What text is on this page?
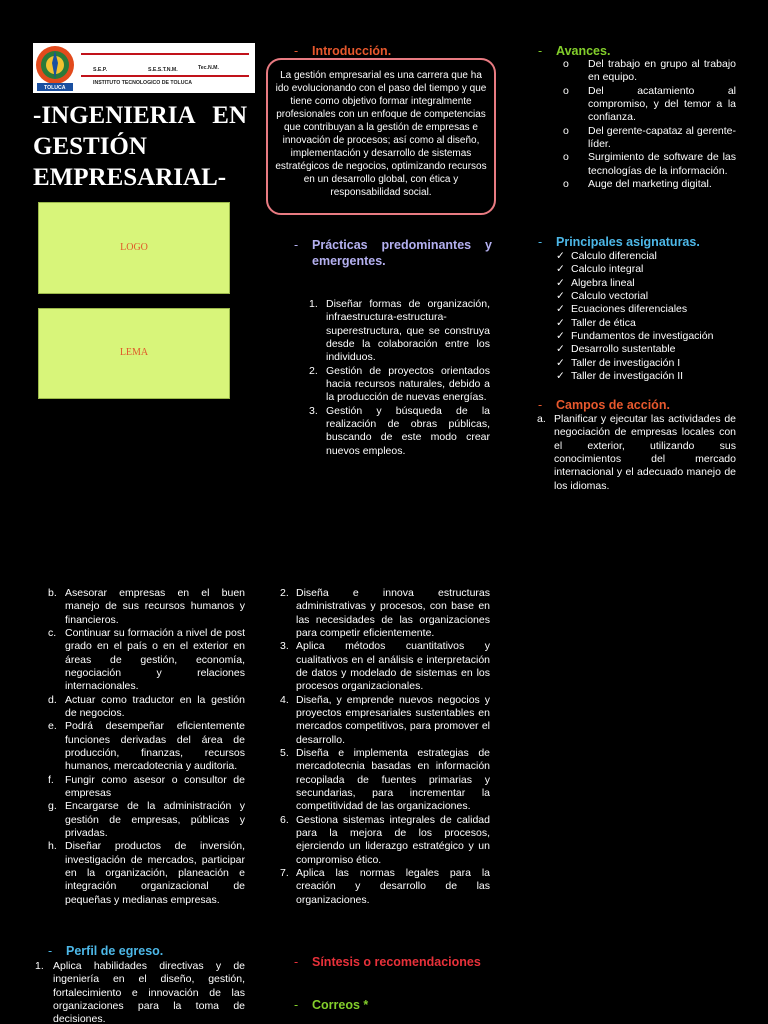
TOLUCA
S.E.P.	S.E.S.T.N.M.	Tec.N.M.
INSTITUTO TECNOLOGICO DE TOLUCA
-INGENIERIA EN
GESTIÓN
EMPRESARIAL-
LOGO
LEMA
- Introducción.
La gestión empresarial es una carrera que ha ido evolucionando con el paso del tiempo y que tiene como objetivo formar integralmente profesionales con un enfoque de competencias que contribuyan a la gestión de empresas e innovación de procesos; así como al diseño, implementación y desarrollo de sistemas estratégicos de negocios, optimizando recursos en un desarrollo global, con ética y responsabilidad social.
-	Prácticas predominantes y emergentes.
1. Diseñar formas de organización, infraestructura-estructura-superestructura, que se construya desde la colaboración entre los individuos.
2. Gestión de proyectos orientados hacia recursos naturales, debido a la producción de nuevas energías.
3. Gestión y búsqueda de la realización de obras públicas, buscando de este modo crear nuevos empleos.
- Avances.
o Del trabajo en grupo al trabajo en equipo.
o Del acatamiento al compromiso, y del temor a la confianza.
o Del gerente-capataz al gerente-líder.
o Surgimiento de software de las tecnologías de la información.
o Auge del marketing digital.
- Principales asignaturas.
✓ Calculo diferencial
✓ Calculo integral
✓ Algebra lineal
✓ Calculo vectorial
✓ Ecuaciones diferenciales
✓ Taller de ética
✓ Fundamentos de investigación
✓ Desarrollo sustentable
✓ Taller de investigación I
✓ Taller de investigación II
- Campos de acción.
a. Planificar y ejecutar las actividades de negociación de empresas locales con el exterior, utilizando sus conocimientos del mercado internacional y el adecuado manejo de los idiomas.
b. Asesorar empresas en el buen manejo de sus recursos humanos y financieros.
c. Continuar su formación a nivel de post grado en el país o en el exterior en áreas de gestión, economía, negociación y relaciones internacionales.
d. Actuar como traductor en la gestión de negocios.
e. Podrá desempeñar eficientemente funciones derivadas del área de producción, finanzas, recursos humanos, mercadotecnia y auditoria.
f. Fungir como asesor o consultor de empresas
g. Encargarse de la administración y gestión de empresas, públicas y privadas.
h. Diseñar productos de inversión, investigación de mercados, participar en la organización, planeación e integración organizacional de pequeñas y medianas empresas.
- Perfil de egreso.
1. Aplica habilidades directivas y de ingeniería en el diseño, gestión, fortalecimiento e innovación de las organizaciones para la toma de decisiones.
2. Diseña e innova estructuras administrativas y procesos, con base en las necesidades de las organizaciones para competir eficientemente.
3. Aplica métodos cuantitativos y cualitativos en el análisis e interpretación de datos y modelado de sistemas en los procesos organizacionales.
4. Diseña, y emprende nuevos negocios y proyectos empresariales sustentables en mercados competitivos, para promover el desarrollo.
5. Diseña e implementa estrategias de mercadotecnia basadas en información recopilada de fuentes primarias y secundarias, para incrementar la competitividad de las organizaciones.
6. Gestiona sistemas integrales de calidad para la mejora de los procesos, ejerciendo un liderazgo estratégico y un compromiso ético.
7. Aplica las normas legales para la creación y desarrollo de las organizaciones.
- Síntesis o recomendaciones
- Correos *
